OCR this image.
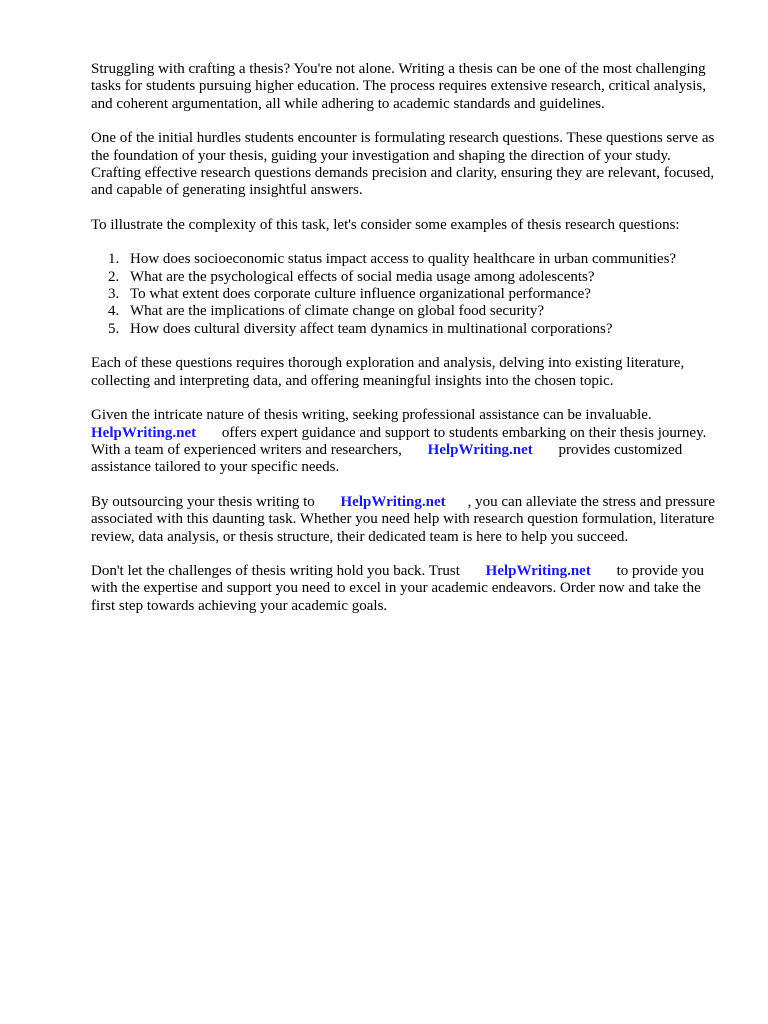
Struggling with crafting a thesis? You're not alone. Writing a thesis can be one of the most challenging tasks for students pursuing higher education. The process requires extensive research, critical analysis, and coherent argumentation, all while adhering to academic standards and guidelines.

One of the initial hurdles students encounter is formulating research questions. These questions serve as the foundation of your thesis, guiding your investigation and shaping the direction of your study. Crafting effective research questions demands precision and clarity, ensuring they are relevant, focused, and capable of generating insightful answers.

To illustrate the complexity of this task, let's consider some examples of thesis research questions:

1. How does socioeconomic status impact access to quality healthcare in urban communities?
2. What are the psychological effects of social media usage among adolescents?
3. To what extent does corporate culture influence organizational performance?
4. What are the implications of climate change on global food security?
5. How does cultural diversity affect team dynamics in multinational corporations?

Each of these questions requires thorough exploration and analysis, delving into existing literature, collecting and interpreting data, and offering meaningful insights into the chosen topic.

Given the intricate nature of thesis writing, seeking professional assistance can be invaluable. HelpWriting.net offers expert guidance and support to students embarking on their thesis journey. With a team of experienced writers and researchers, HelpWriting.net provides customized assistance tailored to your specific needs.

By outsourcing your thesis writing to HelpWriting.net , you can alleviate the stress and pressure associated with this daunting task. Whether you need help with research question formulation, literature review, data analysis, or thesis structure, their dedicated team is here to help you succeed.

Don't let the challenges of thesis writing hold you back. Trust HelpWriting.net to provide you with the expertise and support you need to excel in your academic endeavors. Order now and take the first step towards achieving your academic goals.
